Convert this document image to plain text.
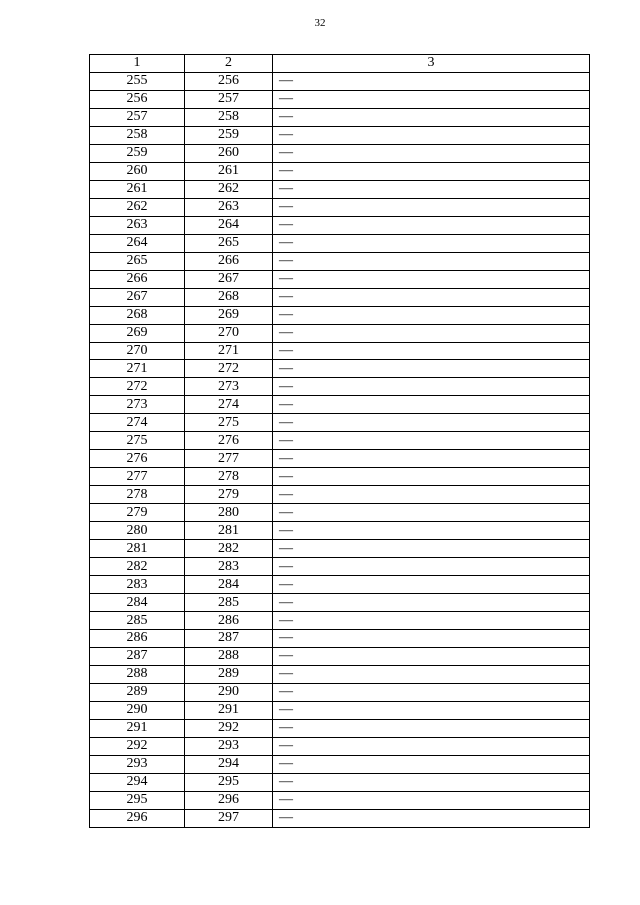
32
1	2	3
255	256	—
256	257	—
257	258	—
258	259	—
259	260	—
260	261	—
261	262	—
262	263	—
263	264	—
264	265	—
265	266	—
266	267	—
267	268	—
268	269	—
269	270	—
270	271	—
271	272	—
272	273	—
273	274	—
274	275	—
275	276	—
276	277	—
277	278	—
278	279	—
279	280	—
280	281	—
281	282	—
282	283	—
283	284	—
284	285	—
285	286	—
286	287	—
287	288	—
288	289	—
289	290	—
290	291	—
291	292	—
292	293	—
293	294	—
294	295	—
295	296	—
296	297	—
